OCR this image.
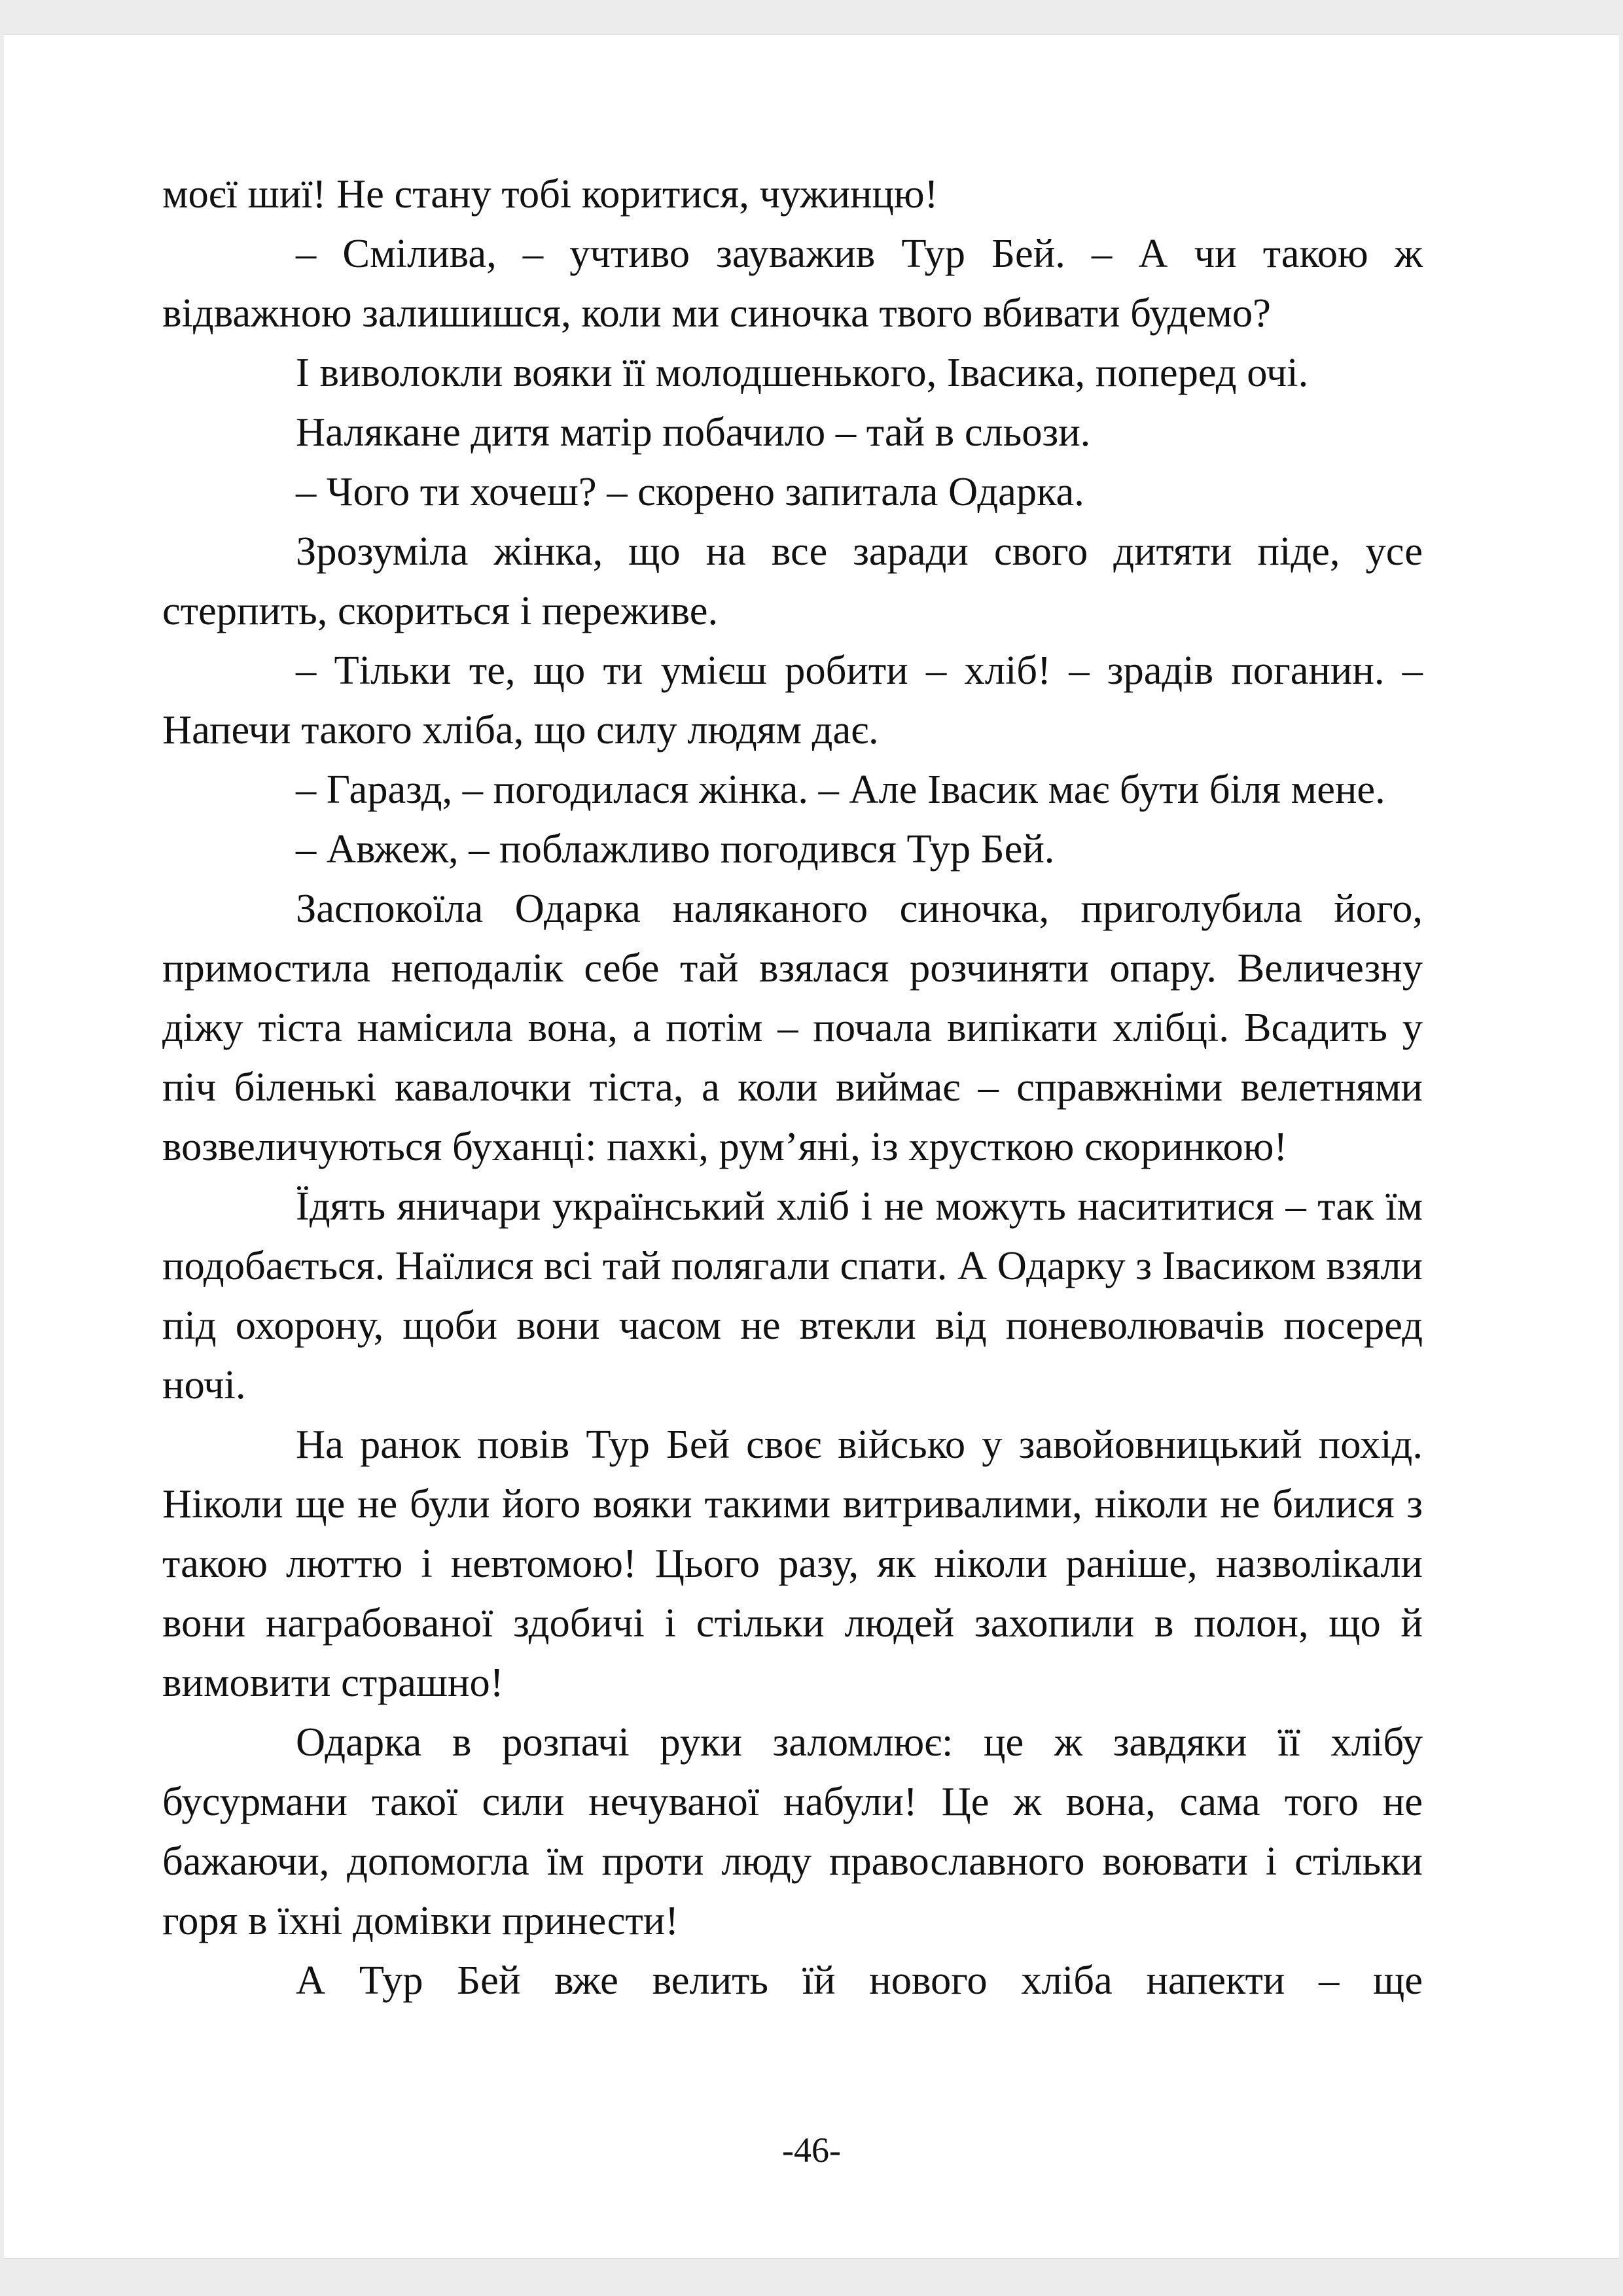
моєї шиї! Не стану тобі коритися, чужинцю!

– Смілива, – учтиво зауважив Тур Бей. – А чи такою ж відважною залишишся, коли ми синочка твого вбивати будемо?

І виволокли вояки її молодшенького, Івасика, поперед очі.

Налякане дитя матір побачило – тай в сльози.

– Чого ти хочеш? – скорено запитала Одарка.

Зрозуміла жінка, що на все заради свого дитяти піде, усе стерпить, скориться і переживе.

– Тільки те, що ти умієш робити – хліб! – зрадів поганин. – Напечи такого хліба, що силу людям дає.

– Гаразд, – погодилася жінка. – Але Івасик має бути біля мене.

– Авжеж, – поблажливо погодився Тур Бей.

Заспокоїла Одарка наляканого синочка, приголубила його, примостила неподалік себе тай взялася розчиняти опару. Величезну діжу тіста намісила вона, а потім – почала випікати хлібці. Всадить у піч біленькі кавалочки тіста, а коли виймає – справжніми велетнями возвеличуються буханці: пахкі, рум’яні, із хрусткою скоринкою!

Їдять яничари український хліб і не можуть насититися – так їм подобається. Наїлися всі тай полягали спати. А Одарку з Івасиком взяли під охорону, щоби вони часом не втекли від поневолювачів посеред ночі.

На ранок повів Тур Бей своє військо у завойовницький похід. Ніколи ще не були його вояки такими витривалими, ніколи не билися з такою люттю і невтомою! Цього разу, як ніколи раніше, назволікали вони награбованої здобичі і стільки людей захопили в полон, що й вимовити страшно!

Одарка в розпачі руки заломлює: це ж завдяки її хлібу бусурмани такої сили нечуваної набули! Це ж вона, сама того не бажаючи, допомогла їм проти люду православного воювати і стільки горя в їхні домівки принести!

А Тур Бей вже велить їй нового хліба напекти – ще

-46-
